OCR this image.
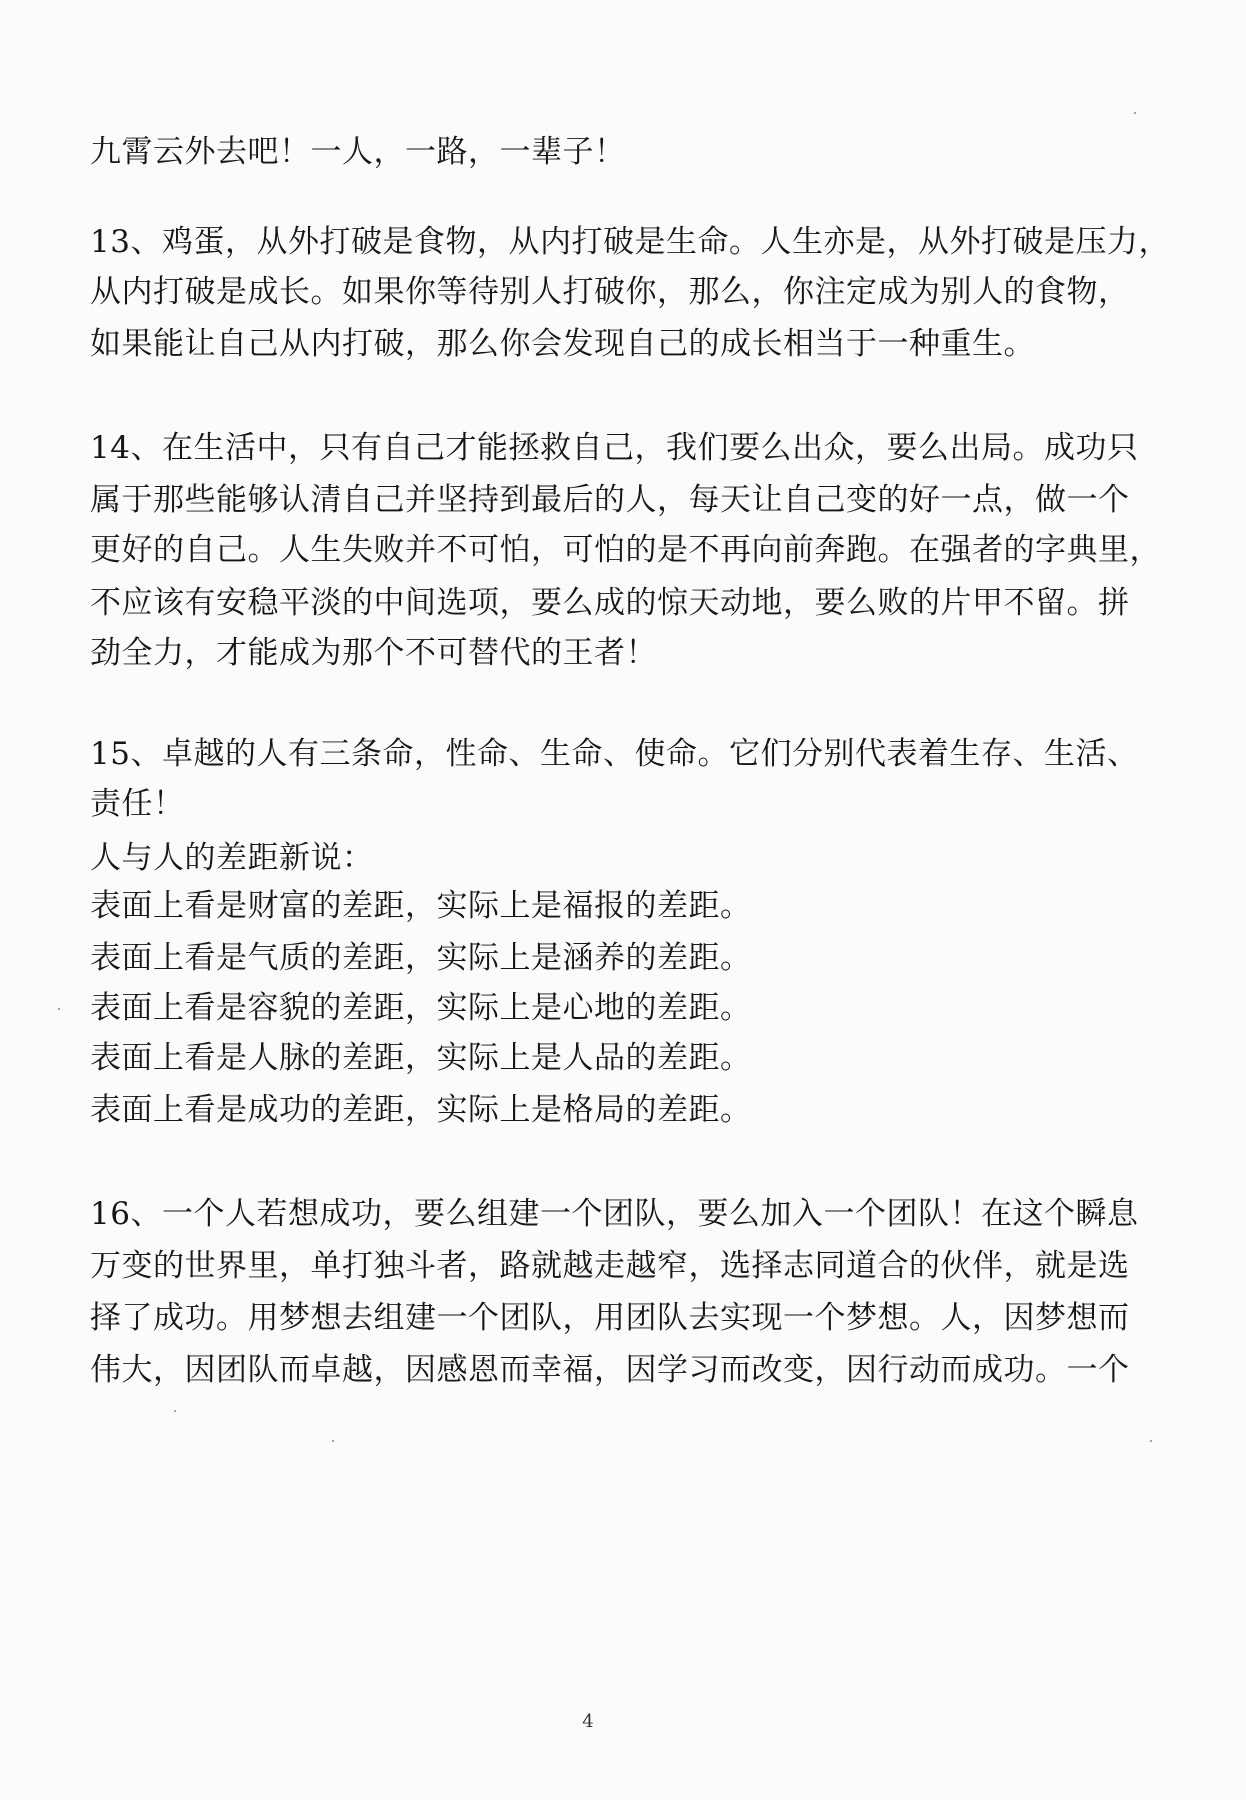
九霄云外去吧！一人，一路，一辈子！
13、鸡蛋，从外打破是食物，从内打破是生命。人生亦是，从外打破是压力，
从内打破是成长。如果你等待别人打破你，那么，你注定成为别人的食物，
如果能让自己从内打破，那么你会发现自己的成长相当于一种重生。
14、在生活中，只有自己才能拯救自己，我们要么出众，要么出局。成功只
属于那些能够认清自己并坚持到最后的人，每天让自己变的好一点，做一个
更好的自己。人生失败并不可怕，可怕的是不再向前奔跑。在强者的字典里，
不应该有安稳平淡的中间选项，要么成的惊天动地，要么败的片甲不留。拼
劲全力，才能成为那个不可替代的王者！
15、卓越的人有三条命，性命、生命、使命。它们分别代表着生存、生活、
责任！
人与人的差距新说：
表面上看是财富的差距，实际上是福报的差距。
表面上看是气质的差距，实际上是涵养的差距。
表面上看是容貌的差距，实际上是心地的差距。
表面上看是人脉的差距，实际上是人品的差距。
表面上看是成功的差距，实际上是格局的差距。
16、一个人若想成功，要么组建一个团队，要么加入一个团队！在这个瞬息
万变的世界里，单打独斗者，路就越走越窄，选择志同道合的伙伴，就是选
择了成功。用梦想去组建一个团队，用团队去实现一个梦想。人，因梦想而
伟大，因团队而卓越，因感恩而幸福，因学习而改变，因行动而成功。一个
4
